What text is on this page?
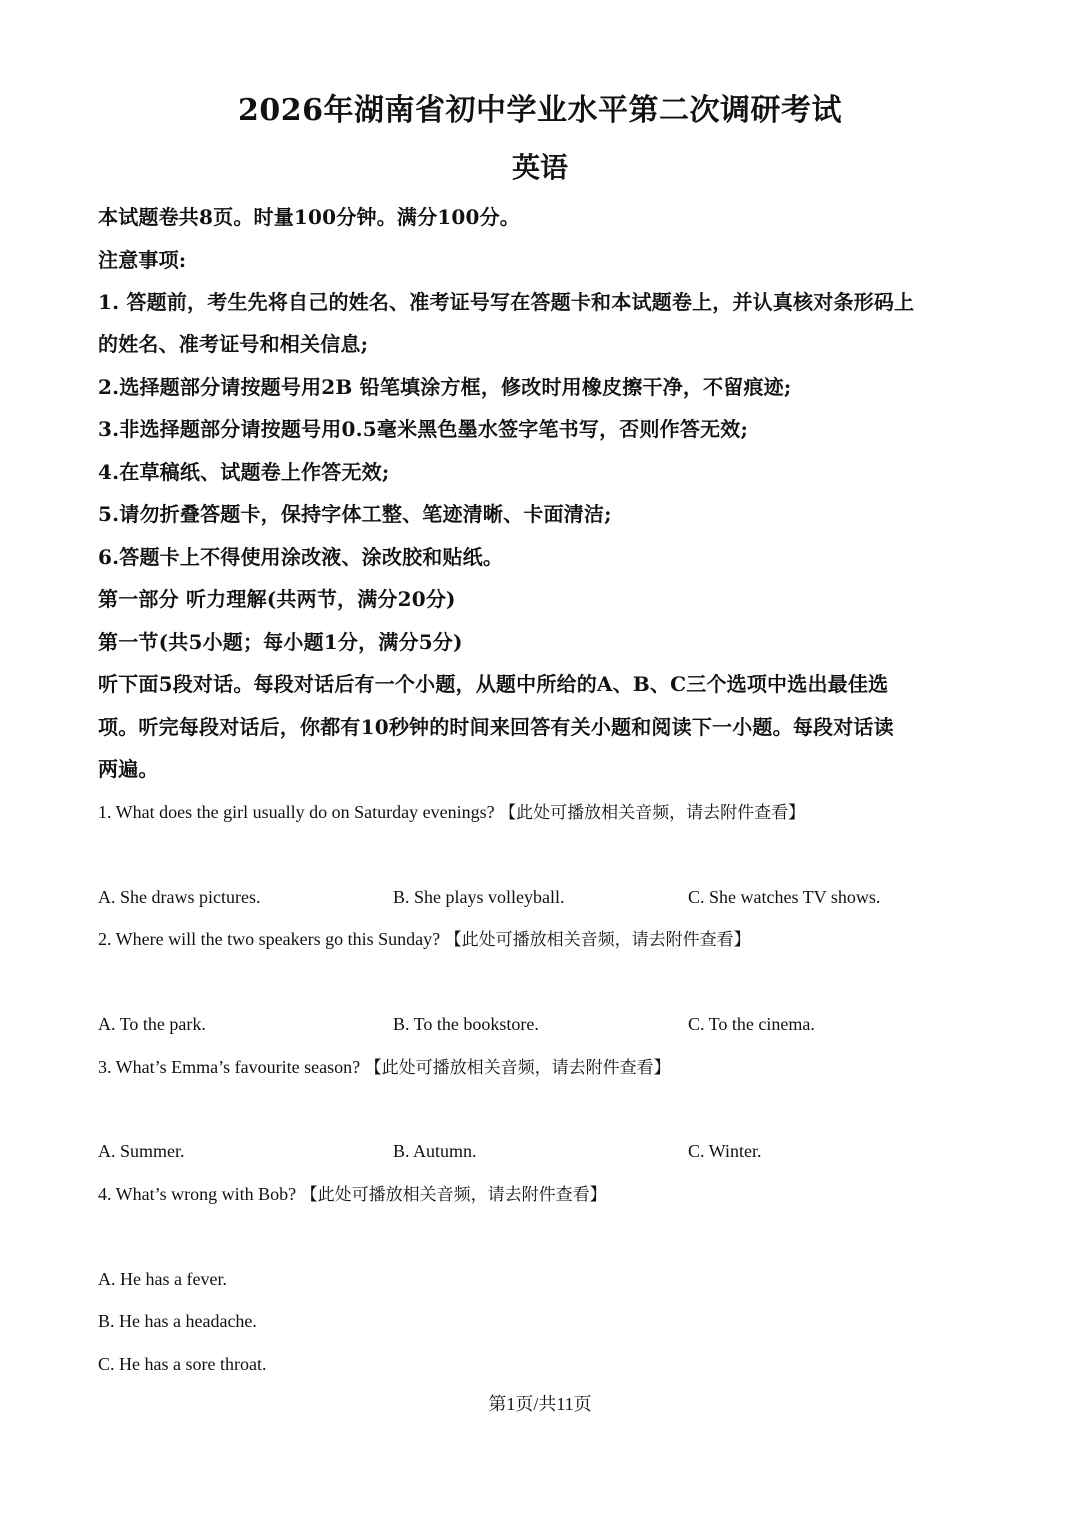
2026年湖南省初中学业水平第二次调研考试
英语
本试题卷共8页。时量100分钟。满分100分。
注意事项:
1. 答题前，考生先将自己的姓名、准考证号写在答题卡和本试题卷上，并认真核对条形码上
的姓名、准考证号和相关信息;
2.选择题部分请按题号用2B 铅笔填涂方框，修改时用橡皮擦干净，不留痕迹;
3.非选择题部分请按题号用0.5毫米黑色墨水签字笔书写，否则作答无效;
4.在草稿纸、试题卷上作答无效;
5.请勿折叠答题卡，保持字体工整、笔迹清晰、卡面清洁;
6.答题卡上不得使用涂改液、涂改胶和贴纸。
第一部分 听力理解(共两节，满分20分)
第一节(共5小题；每小题1分，满分5分)
听下面5段对话。每段对话后有一个小题，从题中所给的A、B、C三个选项中选出最佳选
项。听完每段对话后，你都有10秒钟的时间来回答有关小题和阅读下一小题。每段对话读
两遍。
1. What does the girl usually do on Saturday evenings? 【此处可播放相关音频，请去附件查看】
A. She draws pictures.	B. She plays volleyball.	C. She watches TV shows.
2. Where will the two speakers go this Sunday? 【此处可播放相关音频，请去附件查看】
A. To the park.	B. To the bookstore.	C. To the cinema.
3. What’s Emma’s favourite season? 【此处可播放相关音频，请去附件查看】
A. Summer.	B. Autumn.	C. Winter.
4. What’s wrong with Bob? 【此处可播放相关音频，请去附件查看】
A. He has a fever.
B. He has a headache.
C. He has a sore throat.
第1页/共11页
